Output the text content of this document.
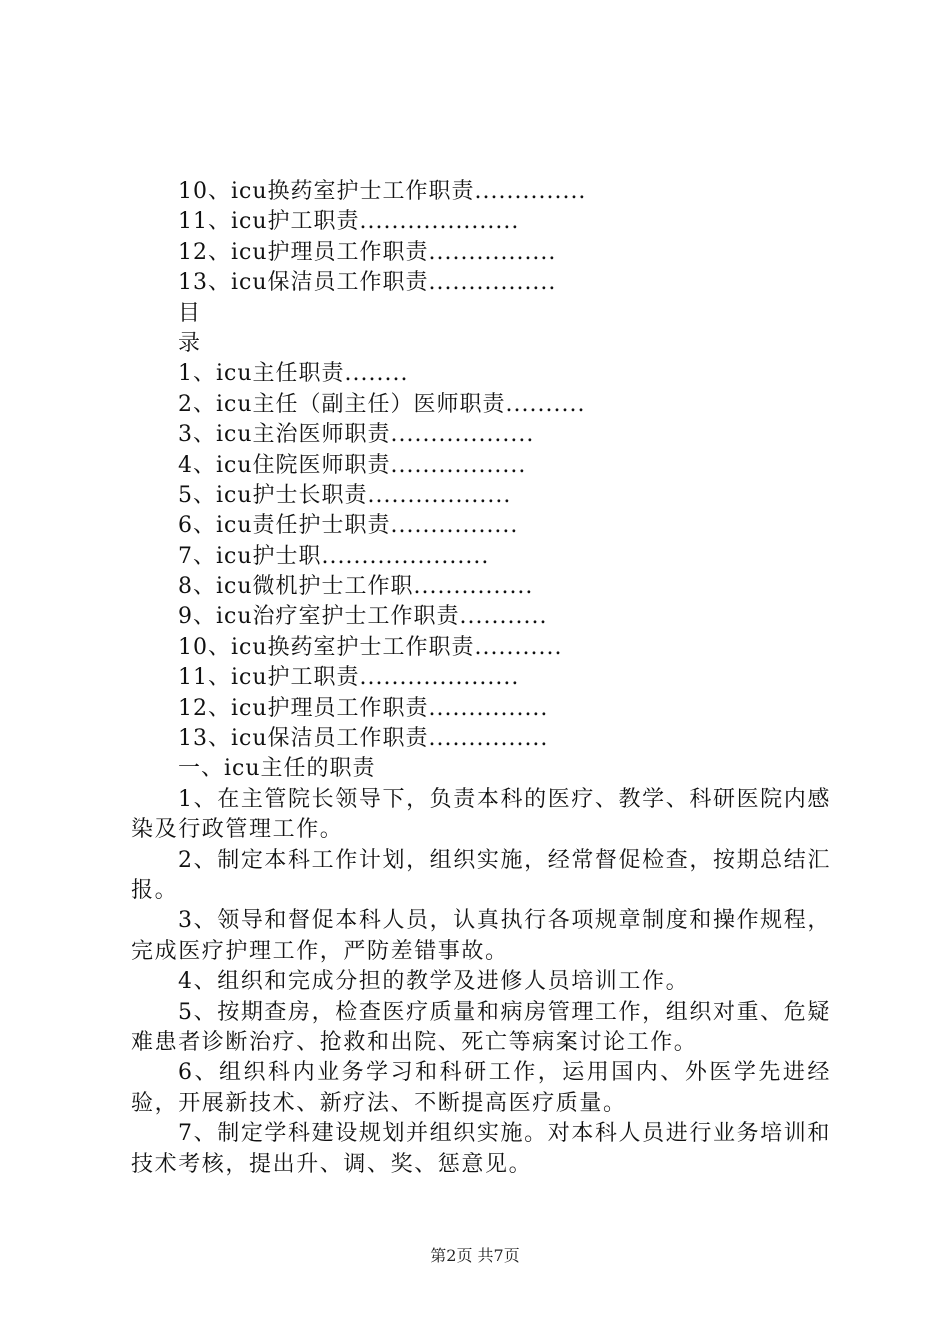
10、icu换药室护士工作职责..............
11、icu护工职责....................
12、icu护理员工作职责................
13、icu保洁员工作职责................
目
录
1、icu主任职责........
2、icu主任（副主任）医师职责..........
3、icu主治医师职责..................
4、icu住院医师职责.................
5、icu护士长职责..................
6、icu责任护士职责................
7、icu护士职.....................
8、icu微机护士工作职...............
9、icu治疗室护士工作职责...........
10、icu换药室护士工作职责...........
11、icu护工职责....................
12、icu护理员工作职责...............
13、icu保洁员工作职责...............
一、icu主任的职责
1、在主管院长领导下，负责本科的医疗、教学、科研医院内感染及行政管理工作。
2、制定本科工作计划，组织实施，经常督促检查，按期总结汇报。
3、领导和督促本科人员，认真执行各项规章制度和操作规程，完成医疗护理工作，严防差错事故。
4、组织和完成分担的教学及进修人员培训工作。
5、按期查房，检查医疗质量和病房管理工作，组织对重、危疑难患者诊断治疗、抢救和出院、死亡等病案讨论工作。
6、组织科内业务学习和科研工作，运用国内、外医学先进经验，开展新技术、新疗法、不断提高医疗质量。
7、制定学科建设规划并组织实施。对本科人员进行业务培训和技术考核，提出升、调、奖、惩意见。
第2页 共7页
